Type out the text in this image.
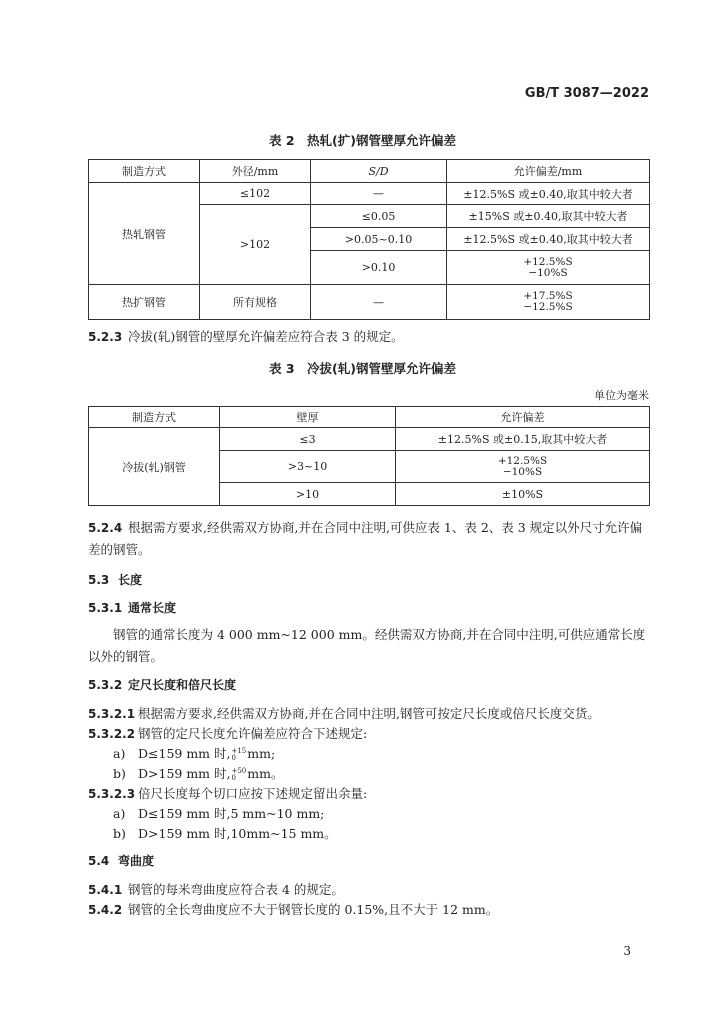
GB/T 3087—2022
表 2　热轧(扩)钢管壁厚允许偏差
制造方式	外径/mm	S/D	允许偏差/mm
热轧钢管	≤102	—	±12.5%S 或±0.40,取其中较大者
	>102	≤0.05	±15%S 或±0.40,取其中较大者
		>0.05~0.10	±12.5%S 或±0.40,取其中较大者
		>0.10	+12.5%S
−10%S
热扩钢管	所有规格	—	+17.5%S
−12.5%S
5.2.3 冷拔(轧)钢管的壁厚允许偏差应符合表 3 的规定。
表 3　冷拔(轧)钢管壁厚允许偏差
单位为毫米
制造方式	壁厚	允许偏差
冷拔(轧)钢管	≤3	±12.5%S 或±0.15,取其中较大者
	>3~10	+12.5%S
−10%S
	>10	±10%S
5.2.4 根据需方要求,经供需双方协商,并在合同中注明,可供应表 1、表 2、表 3 规定以外尺寸允许偏差的钢管。
5.3 长度
5.3.1 通常长度
钢管的通常长度为 4 000 mm~12 000 mm。经供需双方协商,并在合同中注明,可供应通常长度以外的钢管。
5.3.2 定尺长度和倍尺长度
5.3.2.1 根据需方要求,经供需双方协商,并在合同中注明,钢管可按定尺长度或倍尺长度交货。
5.3.2.2 钢管的定尺长度允许偏差应符合下述规定:
a) D≤159 mm 时,+15
0 mm;
b) D>159 mm 时,+50
0 mm。
5.3.2.3 倍尺长度每个切口应按下述规定留出余量:
a) D≤159 mm 时,5 mm~10 mm;
b) D>159 mm 时,10mm~15 mm。
5.4 弯曲度
5.4.1 钢管的每米弯曲度应符合表 4 的规定。
5.4.2 钢管的全长弯曲度应不大于钢管长度的 0.15%,且不大于 12 mm。
3
